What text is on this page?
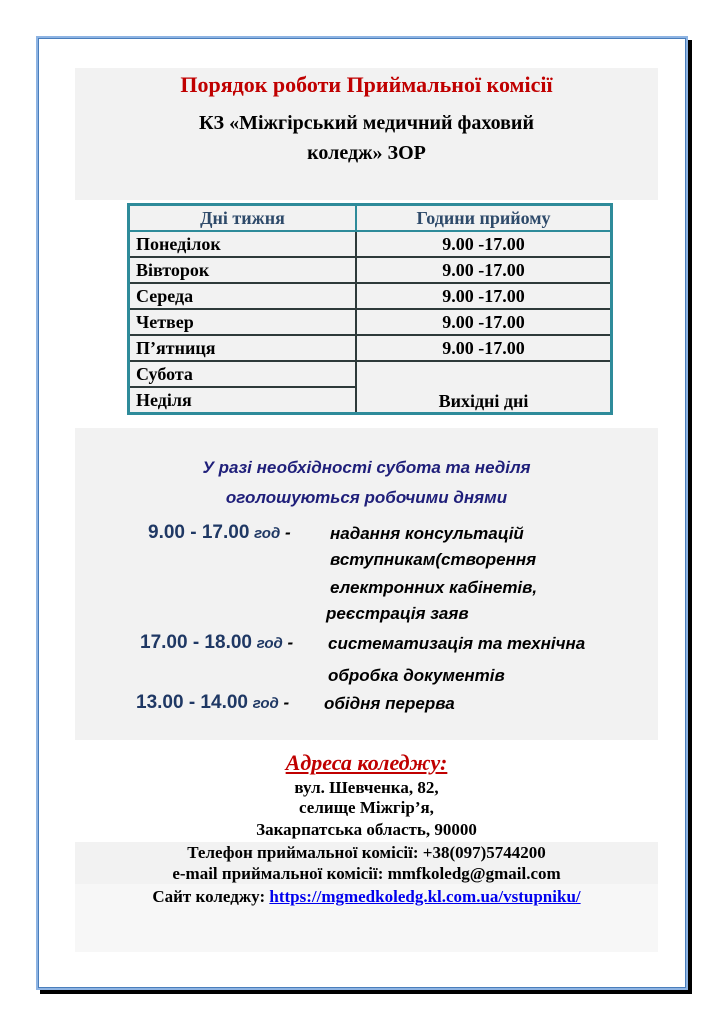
Порядок роботи Приймальної комісії
КЗ «Міжгірський медичний фаховий
коледж» ЗОР
Дні тижня	Години прийому
Понеділок	9.00 -17.00
Вівторок	9.00 -17.00
Середа	9.00 -17.00
Четвер	9.00 -17.00
П’ятниця	9.00 -17.00
Субота	Вихідні дні
Неділя	
У разі необхідності субота та неділя
оголошуються робочими днями
9.00 - 17.00 год - надання консультацій
вступникам(створення
електронних кабінетів,
реєстрація заяв
17.00 - 18.00 год - систематизація та технічна
обробка документів
13.00 - 14.00 год - обідня перерва
Адреса коледжу:
вул. Шевченка, 82,
селище Міжгір’я,
Закарпатська область, 90000
Телефон приймальної комісії: +38(097)5744200
e-mail приймальної комісії: mmfkoledg@gmail.com
Сайт коледжу: https://mgmedkoledg.kl.com.ua/vstupniku/
